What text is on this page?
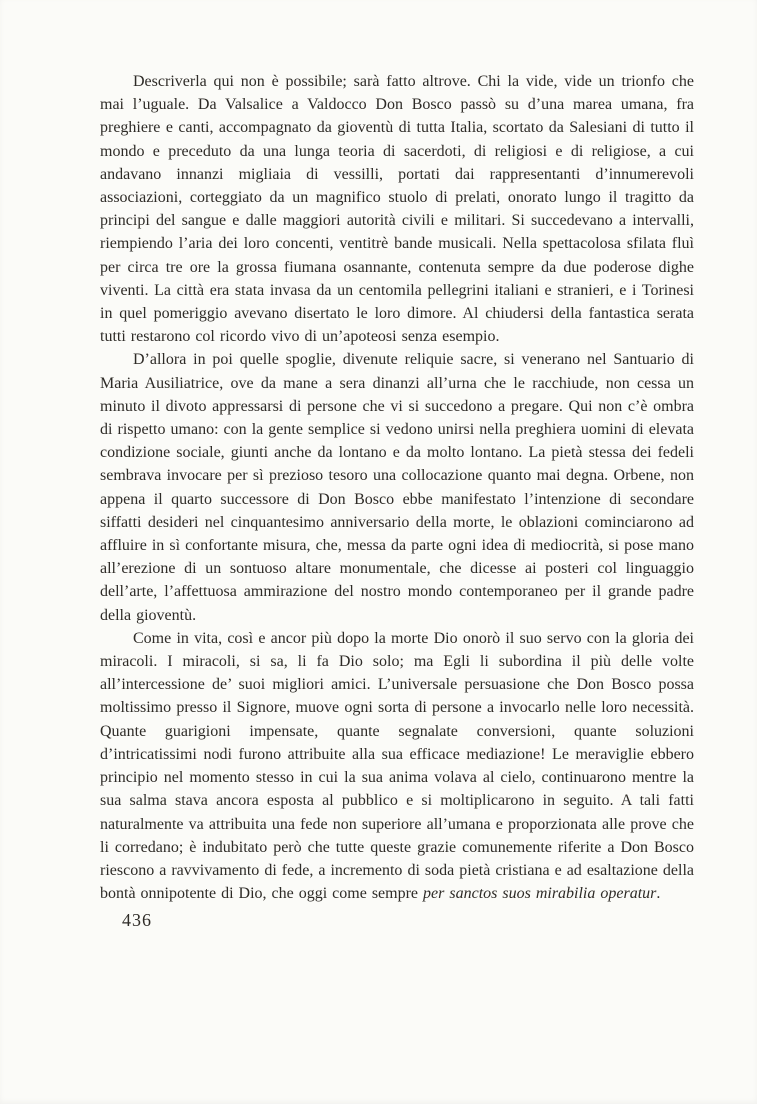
Descriverla qui non è possibile; sarà fatto altrove. Chi la vide, vide un trionfo che mai l’uguale. Da Valsalice a Valdocco Don Bosco passò su d’una marea umana, fra preghiere e canti, accompagnato da gioventù di tutta Italia, scortato da Salesiani di tutto il mondo e preceduto da una lunga teoria di sacerdoti, di religiosi e di religiose, a cui andavano innanzi migliaia di vessilli, portati dai rappresentanti d’innumerevoli associazioni, corteggiato da un magnifico stuolo di prelati, onorato lungo il tragitto da principi del sangue e dalle maggiori autorità civili e militari. Si succedevano a intervalli, riempiendo l’aria dei loro concenti, ventitrè bande musicali. Nella spettacolosa sfilata fluì per circa tre ore la grossa fiumana osannante, contenuta sempre da due poderose dighe viventi. La città era stata invasa da un centomila pellegrini italiani e stranieri, e i Torinesi in quel pomeriggio avevano disertato le loro dimore. Al chiudersi della fantastica serata tutti restarono col ricordo vivo di un’apoteosi senza esempio.

D’allora in poi quelle spoglie, divenute reliquie sacre, si venerano nel Santuario di Maria Ausiliatrice, ove da mane a sera dinanzi all’urna che le racchiude, non cessa un minuto il divoto appressarsi di persone che vi si succedono a pregare. Qui non c’è ombra di rispetto umano: con la gente semplice si vedono unirsi nella preghiera uomini di elevata condizione sociale, giunti anche da lontano e da molto lontano. La pietà stessa dei fedeli sembrava invocare per sì prezioso tesoro una collocazione quanto mai degna. Orbene, non appena il quarto successore di Don Bosco ebbe manifestato l’intenzione di secondare siffatti desideri nel cinquantesimo anniversario della morte, le oblazioni cominciarono ad affluire in sì confortante misura, che, messa da parte ogni idea di mediocrità, si pose mano all’erezione di un sontuoso altare monumentale, che dicesse ai posteri col linguaggio dell’arte, l’affettuosa ammirazione del nostro mondo contemporaneo per il grande padre della gioventù.

Come in vita, così e ancor più dopo la morte Dio onorò il suo servo con la gloria dei miracoli. I miracoli, si sa, li fa Dio solo; ma Egli li subordina il più delle volte all’intercessione de’ suoi migliori amici. L’universale persuasione che Don Bosco possa moltissimo presso il Signore, muove ogni sorta di persone a invocarlo nelle loro necessità. Quante guarigioni impensate, quante segnalate conversioni, quante soluzioni d’intricatissimi nodi furono attribuite alla sua efficace mediazione! Le meraviglie ebbero principio nel momento stesso in cui la sua anima volava al cielo, continuarono mentre la sua salma stava ancora esposta al pubblico e si moltiplicarono in seguito. A tali fatti naturalmente va attribuita una fede non superiore all’umana e proporzionata alle prove che li corredano; è indubitato però che tutte queste grazie comunemente riferite a Don Bosco riescono a ravvivamento di fede, a incremento di soda pietà cristiana e ad esaltazione della bontà onnipotente di Dio, che oggi come sempre per sanctos suos mirabilia operatur.

436
